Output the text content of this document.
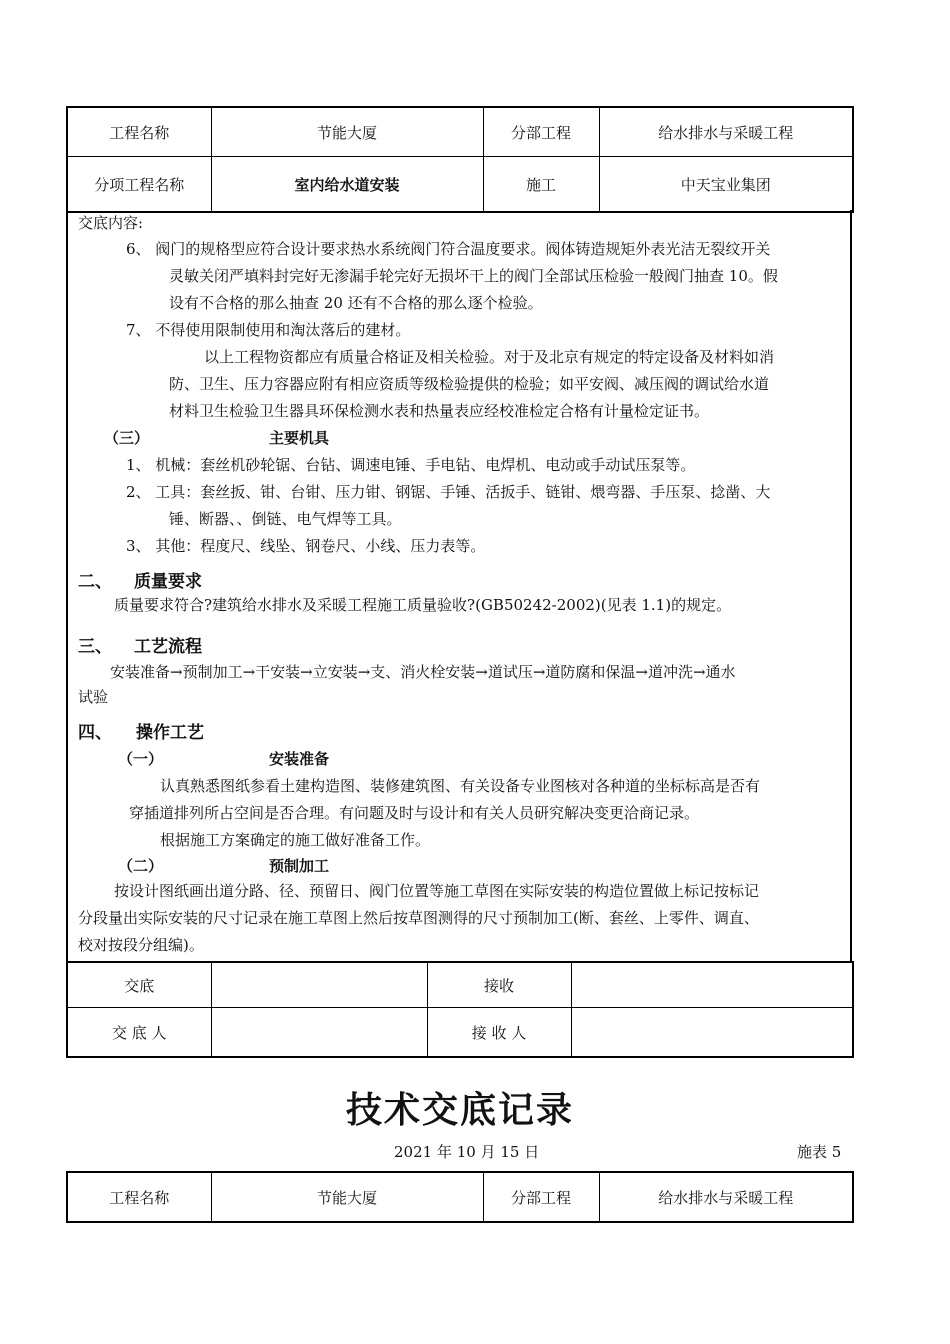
工程名称	节能大厦	分部工程	给水排水与采暖工程
分项工程名称	室内给水道安装	施工	中天宝业集团

交底内容:

6、 阀门的规格型应符合设计要求热水系统阀门符合温度要求。阀体铸造规矩外表光洁无裂纹开关

灵敏关闭严填料封完好无渗漏手轮完好无损坏干上的阀门全部试压检验一般阀门抽查 10。假

设有不合格的那么抽查 20 还有不合格的那么逐个检验。

7、 不得使用限制使用和淘汰落后的建材。

以上工程物资都应有质量合格证及相关检验。对于及北京有规定的特定设备及材料如消

防、卫生、压力容器应附有相应资质等级检验提供的检验；如平安阀、减压阀的调试给水道

材料卫生检验卫生器具环保检测水表和热量表应经校准检定合格有计量检定证书。

（三）	主要机具

1、 机械：套丝机砂轮锯、台钻、调速电锤、手电钻、电焊机、电动或手动试压泵等。

2、 工具：套丝扳、钳、台钳、压力钳、钢锯、手锤、活扳手、链钳、煨弯器、手压泵、捻凿、大

锤、断器、、倒链、电气焊等工具。

3、 其他：程度尺、线坠、钢卷尺、小线、压力表等。

二、 质量要求

质量要求符合?建筑给水排水及采暖工程施工质量验收?(GB50242-2002)(见表 1.1)的规定。

三、 工艺流程

安装准备→预制加工→干安装→立安装→支、消火栓安装→道试压→道防腐和保温→道冲洗→通水

试验

四、 操作工艺

（一）	安装准备

认真熟悉图纸参看土建构造图、装修建筑图、有关设备专业图核对各种道的坐标标高是否有

穿插道排列所占空间是否合理。有问题及时与设计和有关人员研究解决变更洽商记录。

根据施工方案确定的施工做好准备工作。

（二）	预制加工

按设计图纸画出道分路、径、预留日、阀门位置等施工草图在实际安装的构造位置做上标记按标记

分段量出实际安装的尺寸记录在施工草图上然后按草图测得的尺寸预制加工(断、套丝、上零件、调直、

校对按段分组编)。

交底		接收	
交 底 人		接 收 人	
技术交底记录
2021 年 10 月 15 日	施表 5
工程名称	节能大厦	分部工程	给水排水与采暖工程
